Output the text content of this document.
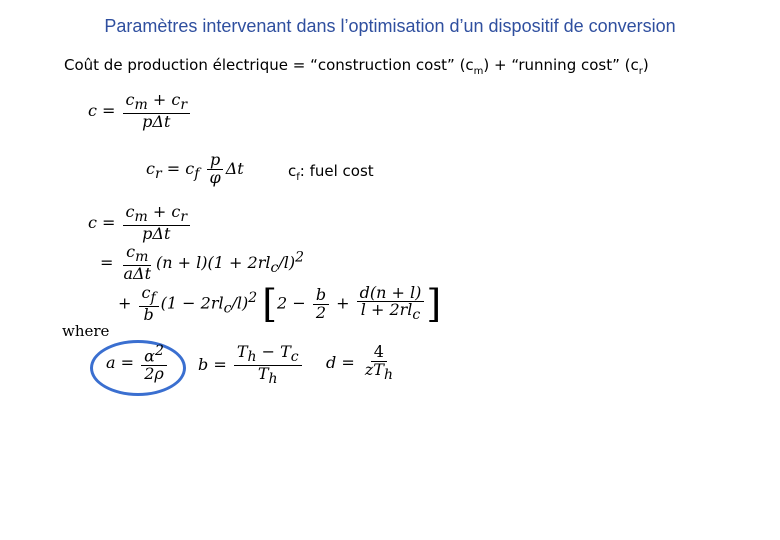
Paramètres intervenant dans l’optimisation d’un dispositif de conversion
Coût de production électrique = “construction cost” $(c_m)$ + “running cost” $(c_r)$
$c = \frac{c_m + c_r}{\text{pΔt}}$
$c_r = c_f \frac{p}{\varphi}$ Δt	$c_f$: fuel cost
$c = \frac{c_m + c_r}{\text{pΔt}}$
= $\frac{c_m}{\text{aΔt}} (n + l)(1 + 2rl_c/l)^2$
+ $\frac{c_f}{b} (1 - 2rl_c/l)^2$ [$2 - \frac{b}{2} + \frac{d(n + l)}{l + 2rl_c}$ ]
where
$a = \frac{\alpha^2}{2\rho}$ $b = \frac{T_h - T_c}{T_h}$ $d = \frac{4}{zT_h}$
